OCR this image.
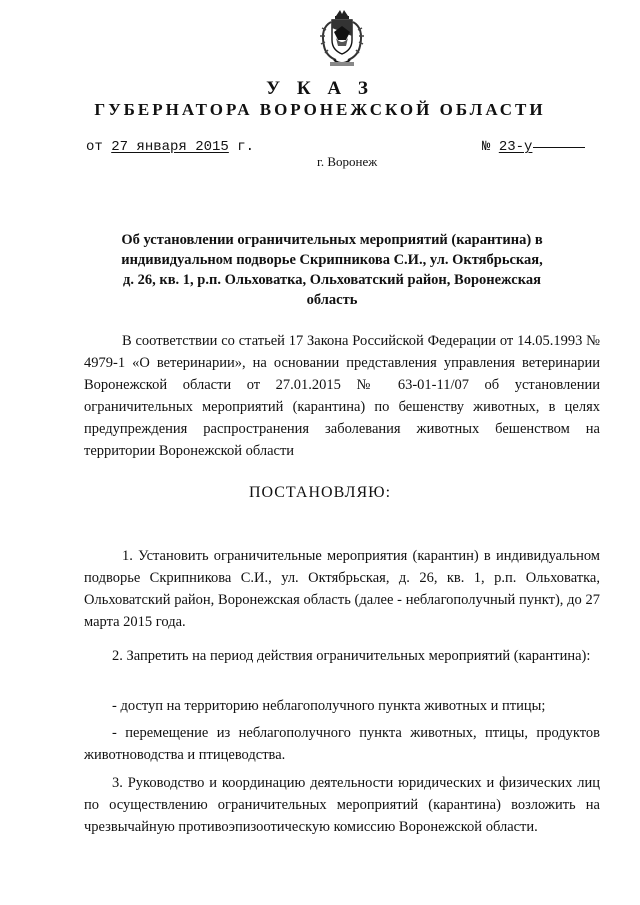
У К А З
ГУБЕРНАТОРА ВОРОНЕЖСКОЙ ОБЛАСТИ
от 27 января 2015 г.	№ 23-у
г. Воронеж
Об установлении ограничительных мероприятий (карантина) в индивидуальном подворье Скрипникова С.И., ул. Октябрьская, д. 26, кв. 1, р.п. Ольховатка, Ольховатский район, Воронежская область
В соответствии со статьей 17 Закона Российской Федерации от 14.05.1993 № 4979-1 «О ветеринарии», на основании представления управления ветеринарии Воронежской области от 27.01.2015 № 63-01-11/07 об установлении ограничительных мероприятий (карантина) по бешенству животных, в целях предупреждения распространения заболевания животных бешенством на территории Воронежской области
ПОСТАНОВЛЯЮ:
1. Установить ограничительные мероприятия (карантин) в индивидуальном подворье Скрипникова С.И., ул. Октябрьская, д. 26, кв. 1, р.п. Ольховатка, Ольховатский район, Воронежская область (далее - неблагополучный пункт), до 27 марта 2015 года.
2. Запретить на период действия ограничительных мероприятий (карантина):
- доступ на территорию неблагополучного пункта животных и птицы;
- перемещение из неблагополучного пункта животных, птицы, продуктов животноводства и птицеводства.
3. Руководство и координацию деятельности юридических и физических лиц по осуществлению ограничительных мероприятий (карантина) возложить на чрезвычайную противоэпизоотическую комиссию Воронежской области.
